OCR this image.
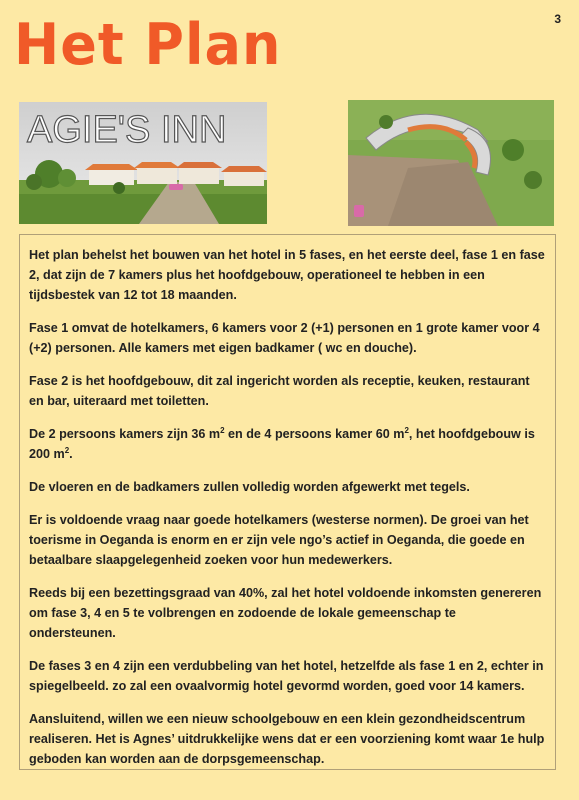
3
Het Plan
AGIE'S INN

Het plan behelst het bouwen van het hotel in 5 fases, en het eerste deel, fase 1 en fase 2, dat zijn de 7 kamers plus het hoofdgebouw, operationeel te hebben in een tijdsbestek van 12 tot 18 maanden.

Fase 1 omvat de hotelkamers, 6 kamers voor 2 (+1) personen en 1 grote kamer voor 4 (+2) personen. Alle kamers met eigen badkamer ( wc en douche).

Fase 2 is het hoofdgebouw, dit zal ingericht worden als receptie, keuken, restaurant en bar, uiteraard met toiletten.

De 2 persoons kamers zijn 36 $m^2$ en de 4 persoons kamer 60 $m^2$, het hoofdgebouw is 200 $m^2$.

De vloeren en de badkamers zullen volledig worden afgewerkt met tegels.

Er is voldoende vraag naar goede hotelkamers (westerse normen). De groei van het toerisme in Oeganda is enorm en er zijn vele ngo’s actief in Oeganda, die goede en betaalbare slaapgelegenheid zoeken voor hun medewerkers.

Reeds bij een bezettingsgraad van 40%, zal het hotel voldoende inkomsten genereren om fase 3, 4 en 5 te volbrengen en zodoende de lokale gemeenschap te ondersteunen.

De fases 3 en 4 zijn een verdubbeling van het hotel, hetzelfde als fase 1 en 2, echter in spiegelbeeld. zo zal een ovaalvormig hotel gevormd worden, goed voor 14 kamers.

Aansluitend, willen we een nieuw schoolgebouw en een klein gezondheidscentrum realiseren. Het is Agnes’ uitdrukkelijke wens dat er een voorziening komt waar 1e hulp geboden kan worden aan de dorpsgemeenschap.
